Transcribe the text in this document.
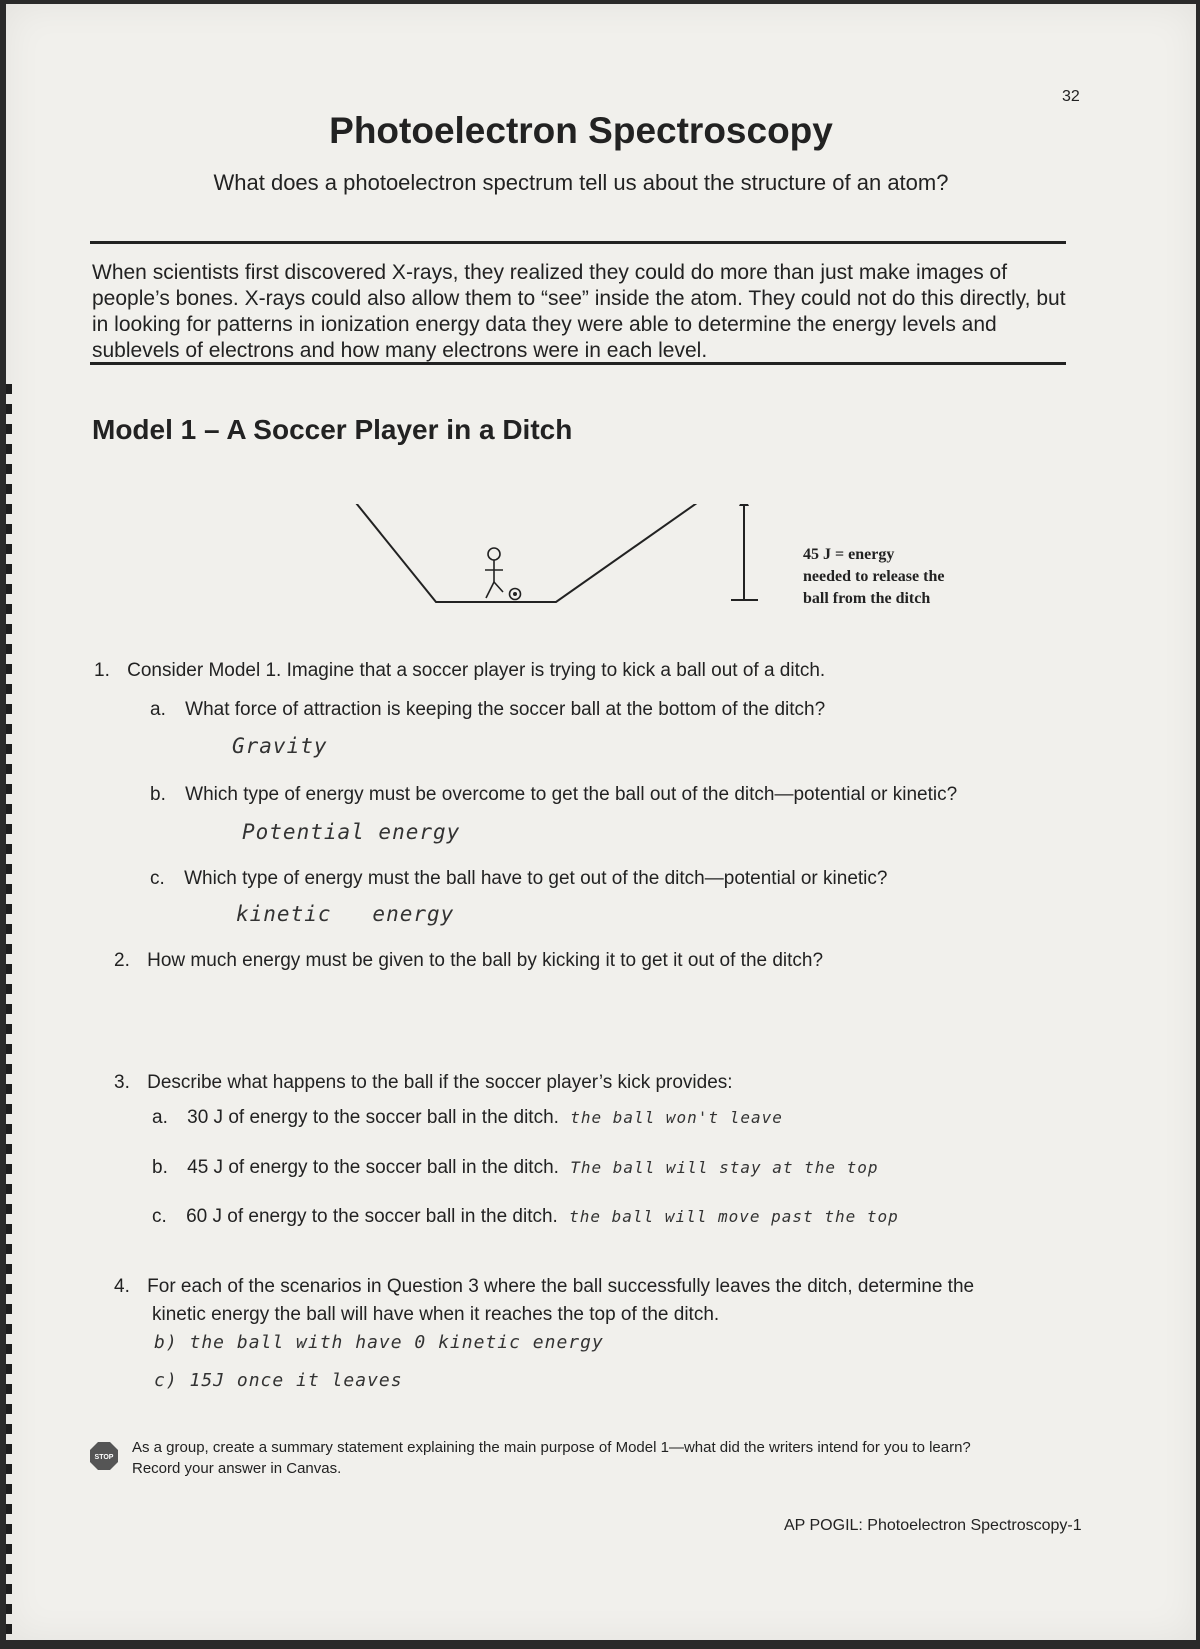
32
Photoelectron Spectroscopy
What does a photoelectron spectrum tell us about the structure of an atom?
When scientists first discovered X-rays, they realized they could do more than just make images of people’s bones. X-rays could also allow them to “see” inside the atom. They could not do this directly, but in looking for patterns in ionization energy data they were able to determine the energy levels and sublevels of electrons and how many electrons were in each level.
Model 1 – A Soccer Player in a Ditch
45 J = energy
needed to release the
ball from the ditch
1. Consider Model 1. Imagine that a soccer player is trying to kick a ball out of a ditch.
a. What force of attraction is keeping the soccer ball at the bottom of the ditch?
Gravity
b. Which type of energy must be overcome to get the ball out of the ditch—potential or kinetic?
Potential energy
c. Which type of energy must the ball have to get out of the ditch—potential or kinetic?
kinetic   energy
2. How much energy must be given to the ball by kicking it to get it out of the ditch?
3. Describe what happens to the ball if the soccer player’s kick provides:
a. 30 J of energy to the soccer ball in the ditch. the ball won't leave
b. 45 J of energy to the soccer ball in the ditch. The ball will stay at the top
c. 60 J of energy to the soccer ball in the ditch. the ball will move past the top
4. For each of the scenarios in Question 3 where the ball successfully leaves the ditch, determine the
kinetic energy the ball will have when it reaches the top of the ditch.
b) the ball with have 0 kinetic energy
c) 15J once it leaves
STOP
As a group, create a summary statement explaining the main purpose of Model 1—what did the writers intend for you to learn?
Record your answer in Canvas.
AP POGIL: Photoelectron Spectroscopy-1
